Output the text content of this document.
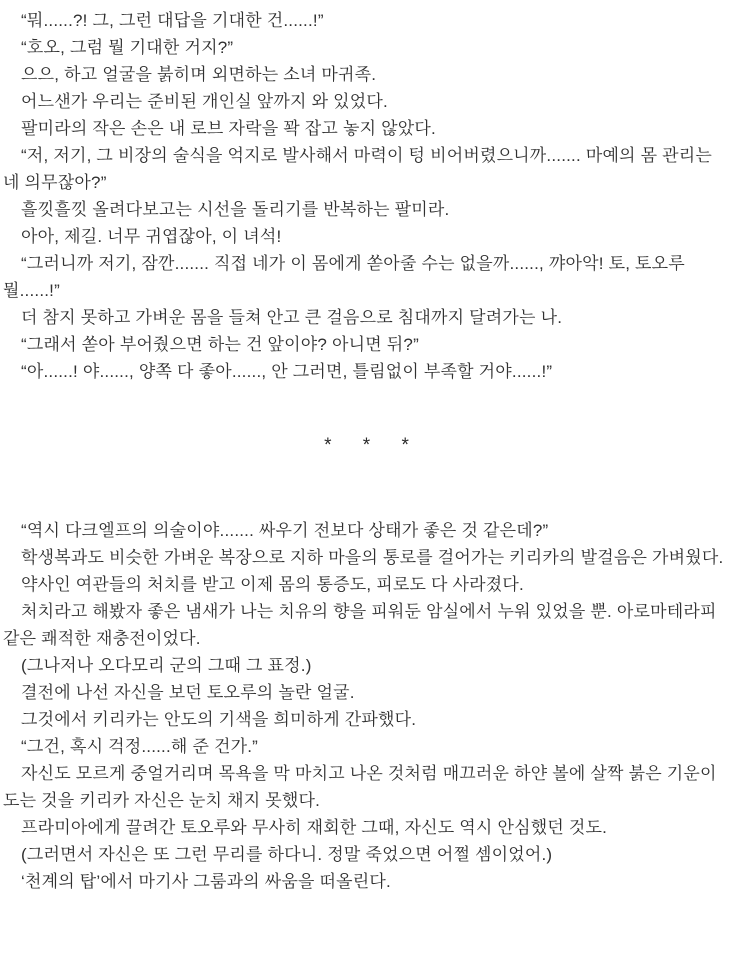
“뭐......?! 그, 그런 대답을 기대한 건......!”

“호오, 그럼 뭘 기대한 거지?”

으으, 하고 얼굴을 붉히며 외면하는 소녀 마귀족.

어느샌가 우리는 준비된 개인실 앞까지 와 있었다.

팔미라의 작은 손은 내 로브 자락을 꽉 잡고 놓지 않았다.

“저, 저기, 그 비장의 술식을 억지로 발사해서 마력이 텅 비어버렸으니까....... 마예의 몸 관리는 네 의무잖아?”

흘낏흘낏 올려다보고는 시선을 돌리기를 반복하는 팔미라.

아아, 제길. 너무 귀엽잖아, 이 녀석!

“그러니까 저기, 잠깐....... 직접 네가 이 몸에게 쏟아줄 수는 없을까......, 꺄아악! 토, 토오루 뭘......!”

더 참지 못하고 가벼운 몸을 들쳐 안고 큰 걸음으로 침대까지 달려가는 나.

“그래서 쏟아 부어줬으면 하는 건 앞이야? 아니면 뒤?”

“아......! 야......, 양쪽 다 좋아......, 안 그러면, 틀림없이 부족할 거야......!”

* * *

“역시 다크엘프의 의술이야....... 싸우기 전보다 상태가 좋은 것 같은데?”

학생복과도 비슷한 가벼운 복장으로 지하 마을의 통로를 걸어가는 키리카의 발걸음은 가벼웠다.

약사인 여관들의 처치를 받고 이제 몸의 통증도, 피로도 다 사라졌다.

처치라고 해봤자 좋은 냄새가 나는 치유의 향을 피워둔 암실에서 누워 있었을 뿐. 아로마테라피 같은 쾌적한 재충전이었다.

(그나저나 오다모리 군의 그때 그 표정.)

결전에 나선 자신을 보던 토오루의 놀란 얼굴.

그것에서 키리카는 안도의 기색을 희미하게 간파했다.

“그건, 혹시 걱정......해 준 건가.”

자신도 모르게 중얼거리며 목욕을 막 마치고 나온 것처럼 매끄러운 하얀 볼에 살짝 붉은 기운이 도는 것을 키리카 자신은 눈치 채지 못했다.

프라미아에게 끌려간 토오루와 무사히 재회한 그때, 자신도 역시 안심했던 것도.

(그러면서 자신은 또 그런 무리를 하다니. 정말 죽었으면 어쩔 셈이었어.)

‘천계의 탑’에서 마기사 그룸과의 싸움을 떠올린다.
